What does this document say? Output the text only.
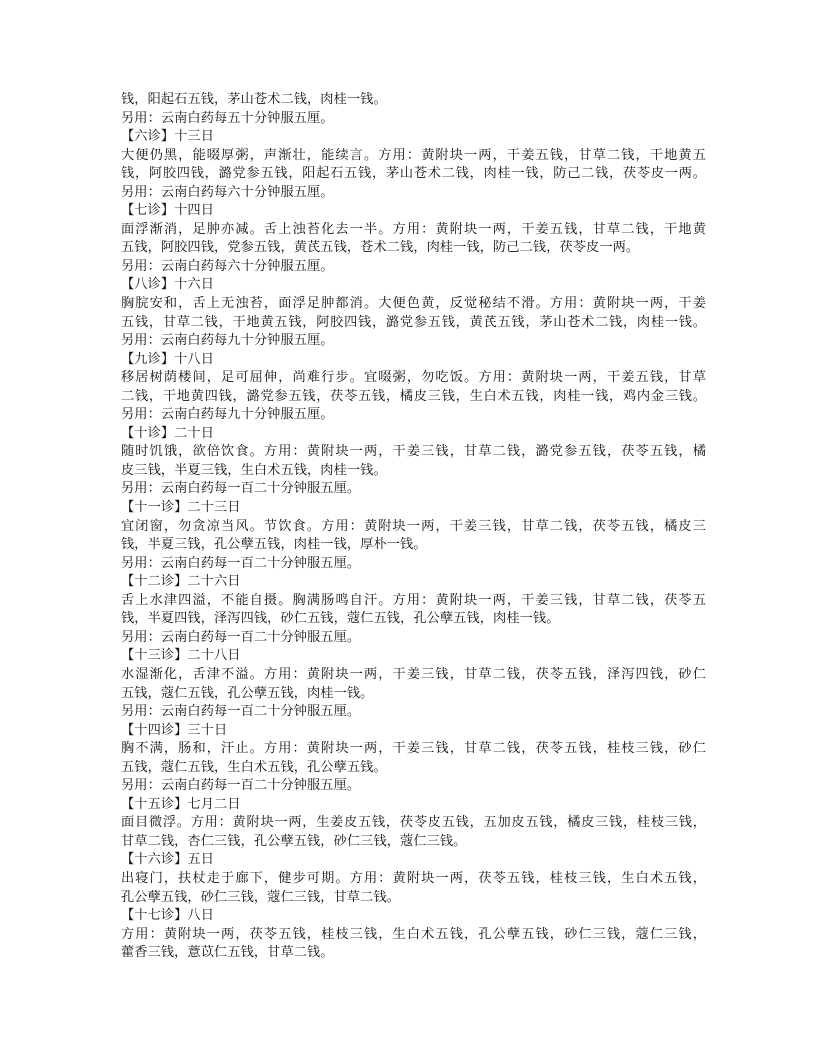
钱，阳起石五钱，茅山苍术二钱，肉桂一钱。
另用：云南白药每五十分钟服五厘。
【六诊】十三日
大便仍黑，能啜厚粥，声渐壮，能续言。方用：黄附块一两，干姜五钱，甘草二钱，干地黄五
钱，阿胶四钱，潞党参五钱，阳起石五钱，茅山苍术二钱，肉桂一钱，防己二钱，茯苓皮一两。
另用：云南白药每六十分钟服五厘。
【七诊】十四日
面浮渐消，足肿亦减。舌上浊苔化去一半。方用：黄附块一两，干姜五钱，甘草二钱，干地黄
五钱，阿胶四钱，党参五钱，黄芪五钱，苍术二钱，肉桂一钱，防己二钱，茯苓皮一两。
另用：云南白药每六十分钟服五厘。
【八诊】十六日
胸脘安和，舌上无浊苔，面浮足肿都消。大便色黄，反觉秘结不滑。方用：黄附块一两，干姜
五钱，甘草二钱，干地黄五钱，阿胶四钱，潞党参五钱，黄芪五钱，茅山苍术二钱，肉桂一钱。
另用：云南白药每九十分钟服五厘。
【九诊】十八日
移居树荫楼间，足可屈伸，尚难行步。宜啜粥，勿吃饭。方用：黄附块一两，干姜五钱，甘草
二钱，干地黄四钱，潞党参五钱，茯苓五钱，橘皮三钱，生白术五钱，肉桂一钱，鸡内金三钱。
另用：云南白药每九十分钟服五厘。
【十诊】二十日
随时饥饿，欲倍饮食。方用：黄附块一两，干姜三钱，甘草二钱，潞党参五钱，茯苓五钱，橘
皮三钱，半夏三钱，生白术五钱，肉桂一钱。
另用：云南白药每一百二十分钟服五厘。
【十一诊】二十三日
宜闭窗，勿贪凉当风。节饮食。方用：黄附块一两，干姜三钱，甘草二钱，茯苓五钱，橘皮三
钱，半夏三钱，孔公孽五钱，肉桂一钱，厚朴一钱。
另用：云南白药每一百二十分钟服五厘。
【十二诊】二十六日
舌上水津四溢，不能自摄。胸满肠鸣自汗。方用：黄附块一两，干姜三钱，甘草二钱，茯苓五
钱，半夏四钱，泽泻四钱，砂仁五钱，蔻仁五钱，孔公孽五钱，肉桂一钱。
另用：云南白药每一百二十分钟服五厘。
【十三诊】二十八日
水湿渐化，舌津不溢。方用：黄附块一两，干姜三钱，甘草二钱，茯苓五钱，泽泻四钱，砂仁
五钱，蔻仁五钱，孔公孽五钱，肉桂一钱。
另用：云南白药每一百二十分钟服五厘。
【十四诊】三十日
胸不满，肠和，汗止。方用：黄附块一两，干姜三钱，甘草二钱，茯苓五钱，桂枝三钱，砂仁
五钱，蔻仁五钱，生白术五钱，孔公孽五钱。
另用：云南白药每一百二十分钟服五厘。
【十五诊】七月二日
面目微浮。方用：黄附块一两，生姜皮五钱，茯苓皮五钱，五加皮五钱，橘皮三钱，桂枝三钱，
甘草二钱，杏仁三钱，孔公孽五钱，砂仁三钱，蔻仁三钱。
【十六诊】五日
出寝门，扶杖走于廊下，健步可期。方用：黄附块一两，茯苓五钱，桂枝三钱，生白术五钱，
孔公孽五钱，砂仁三钱，蔻仁三钱，甘草二钱。
【十七诊】八日
方用：黄附块一两，茯苓五钱，桂枝三钱，生白术五钱，孔公孽五钱，砂仁三钱，蔻仁三钱，
藿香三钱，薏苡仁五钱，甘草二钱。
